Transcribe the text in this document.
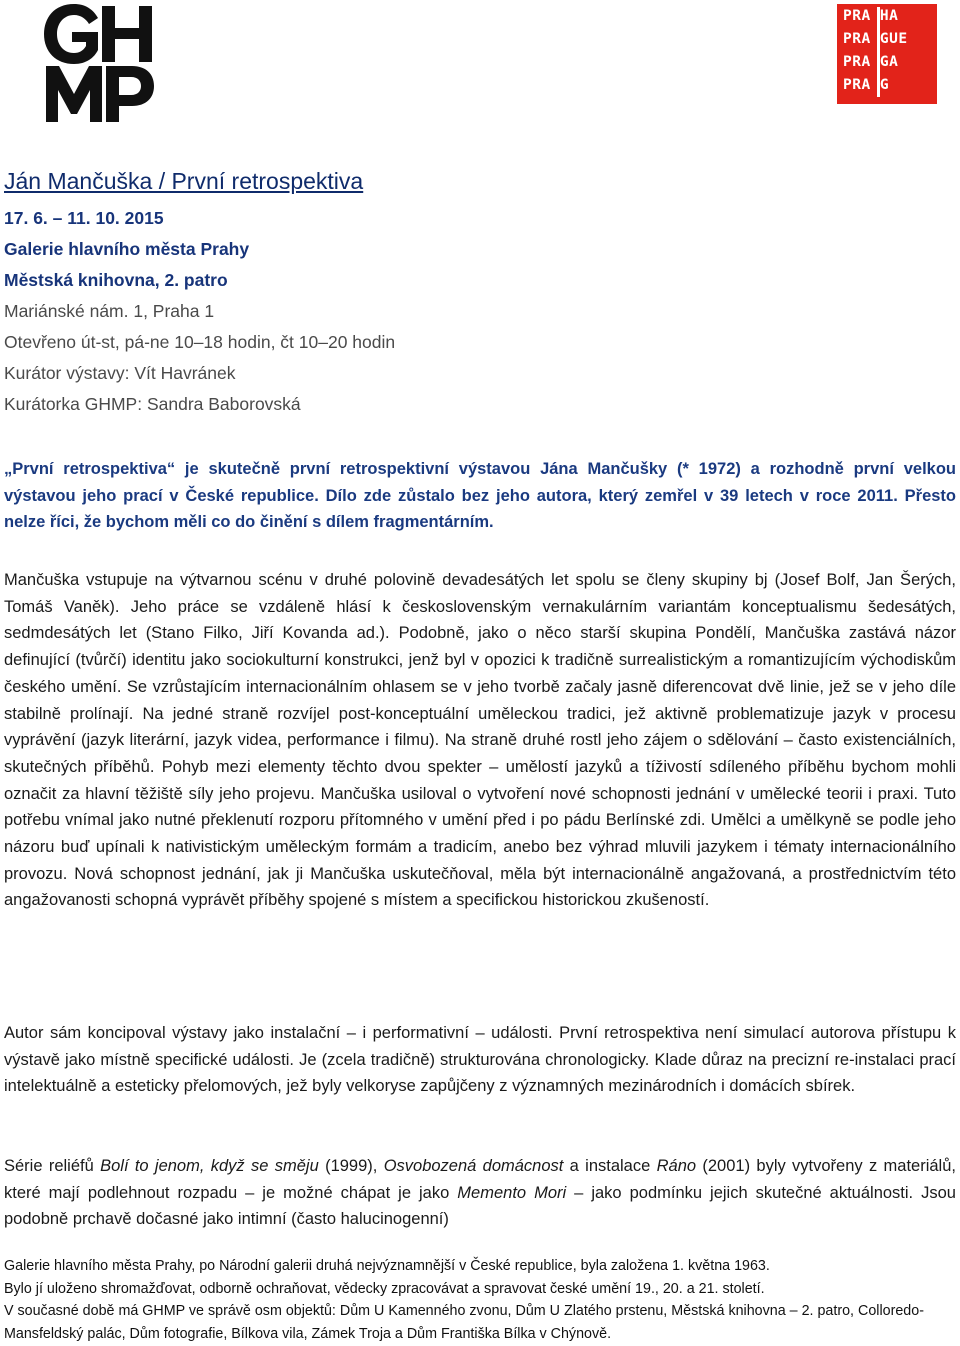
PRA HA
PRA GUE
PRA GA
PRA G
Ján Mančuška / První retrospektiva
17. 6. – 11. 10. 2015
Galerie hlavního města Prahy
Městská knihovna, 2. patro
Mariánské nám. 1, Praha 1
Otevřeno út-st, pá-ne 10–18 hodin, čt 10–20 hodin
Kurátor výstavy: Vít Havránek
Kurátorka GHMP: Sandra Baborovská
„První retrospektiva“ je skutečně první retrospektivní výstavou Jána Mančušky (* 1972) a rozhodně první velkou výstavou jeho prací v České republice. Dílo zde zůstalo bez jeho autora, který zemřel v 39 letech v roce 2011. Přesto nelze říci, že bychom měli co do činění s dílem fragmentárním.
Mančuška vstupuje na výtvarnou scénu v druhé polovině devadesátých let spolu se členy skupiny bj (Josef Bolf, Jan Šerých, Tomáš Vaněk). Jeho práce se vzdáleně hlásí k československým vernakulárním variantám konceptualismu šedesátých, sedmdesátých let (Stano Filko, Jiří Kovanda ad.). Podobně, jako o něco starší skupina Pondělí, Mančuška zastává názor definující (tvůrčí) identitu jako sociokulturní konstrukci, jenž byl v opozici k tradičně surrealistickým a romantizujícím východiskům českého umění. Se vzrůstajícím internacionálním ohlasem se v jeho tvorbě začaly jasně diferencovat dvě linie, jež se v jeho díle stabilně prolínají. Na jedné straně rozvíjel post-konceptuální uměleckou tradici, jež aktivně problematizuje jazyk v procesu vyprávění (jazyk literární, jazyk videa, performance i filmu). Na straně druhé rostl jeho zájem o sdělování – často existenciálních, skutečných příběhů. Pohyb mezi elementy těchto dvou spekter – umělostí jazyků a tíživostí sdíleného příběhu bychom mohli označit za hlavní těžiště síly jeho projevu. Mančuška usiloval o vytvoření nové schopnosti jednání v umělecké teorii i praxi. Tuto potřebu vnímal jako nutné překlenutí rozporu přítomného v umění před i po pádu Berlínské zdi. Umělci a umělkyně se podle jeho názoru buď upínali k nativistickým uměleckým formám a tradicím, anebo bez výhrad mluvili jazykem i tématy internacionálního provozu. Nová schopnost jednání, jak ji Mančuška uskutečňoval, měla být internacionálně angažovaná, a prostřednictvím této angažovanosti schopná vyprávět příběhy spojené s místem a specifickou historickou zkušeností.
Autor sám koncipoval výstavy jako instalační – i performativní – události. První retrospektiva není simulací autorova přístupu k výstavě jako místně specifické události. Je (zcela tradičně) strukturována chronologicky. Klade důraz na precizní re-instalaci prací intelektuálně a esteticky přelomových, jež byly velkoryse zapůjčeny z významných mezinárodních i domácích sbírek.
Série reliéfů Bolí to jenom, když se směju (1999), Osvobozená domácnost a instalace Ráno (2001) byly vytvořeny z materiálů, které mají podlehnout rozpadu – je možné chápat je jako Memento Mori – jako podmínku jejich skutečné aktuálnosti. Jsou podobně prchavě dočasné jako intimní (často halucinogenní)
Galerie hlavního města Prahy, po Národní galerii druhá nejvýznamnější v České republice, byla založena 1. května 1963.
Bylo jí uloženo shromažďovat, odborně ochraňovat, vědecky zpracovávat a spravovat české umění 19., 20. a 21. století.
V současné době má GHMP ve správě osm objektů: Dům U Kamenného zvonu, Dům U Zlatého prstenu, Městská knihovna – 2. patro, Colloredo-Mansfeldský palác, Dům fotografie, Bílkova vila, Zámek Troja a Dům Františka Bílka v Chýnově.
